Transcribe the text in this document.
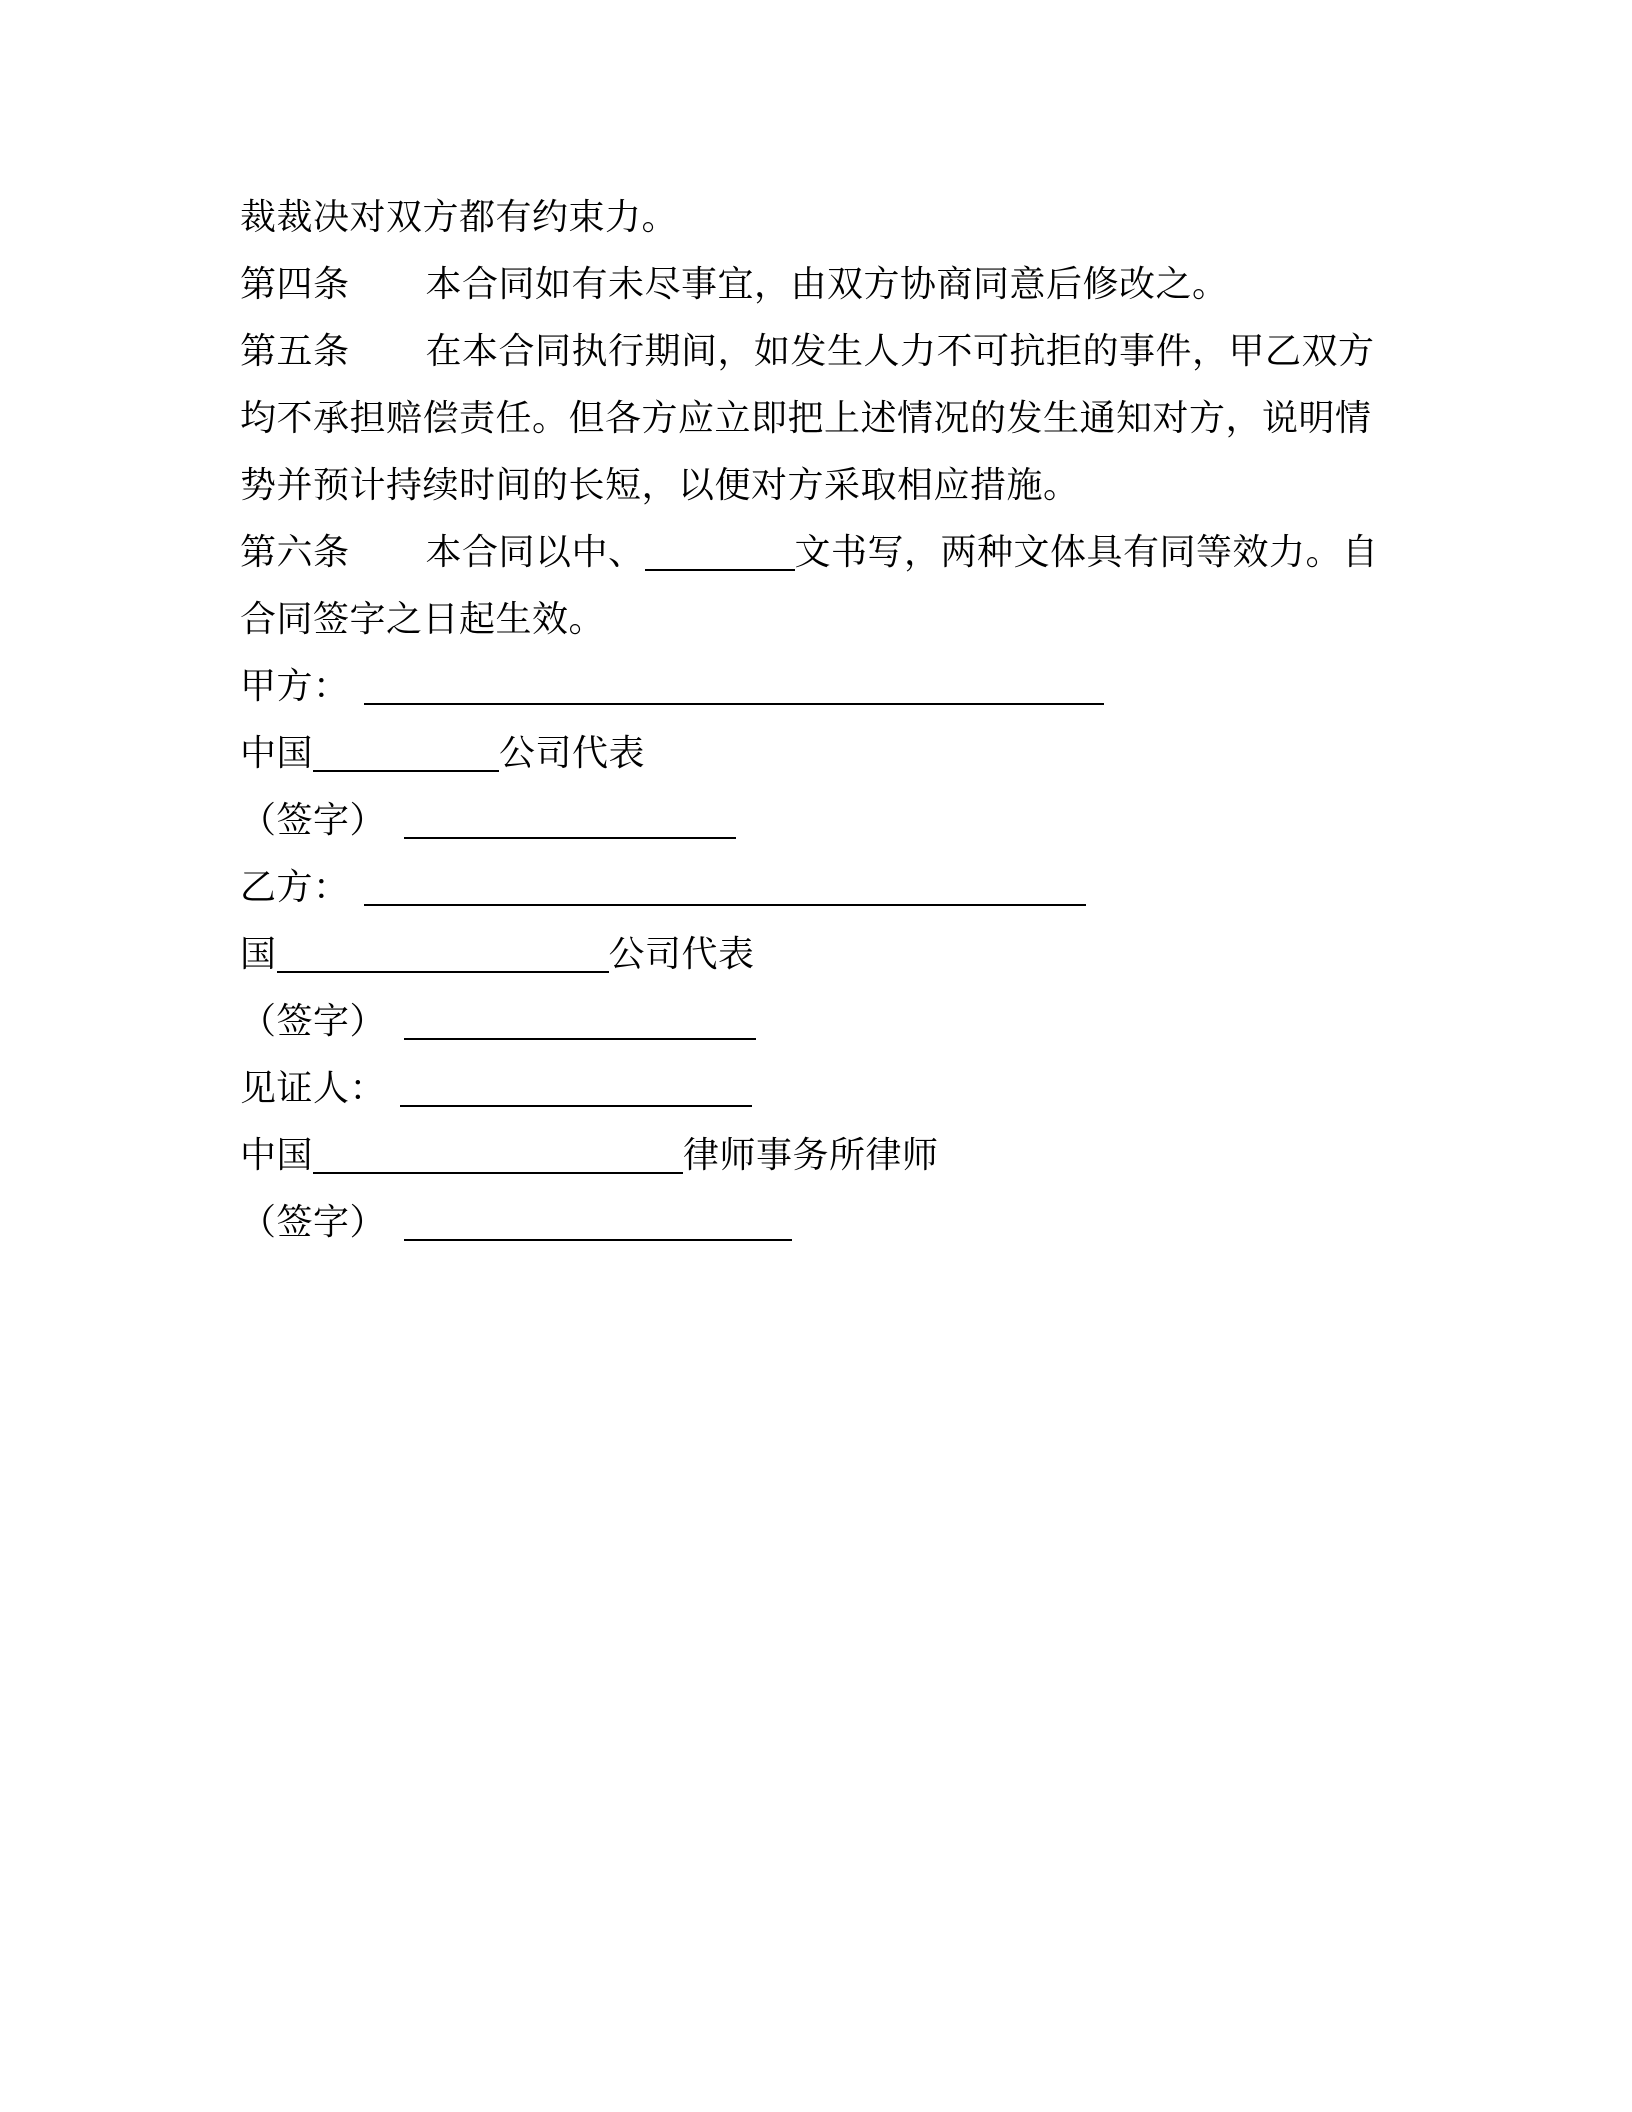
裁裁决对双方都有约束力。
第四条 本合同如有未尽事宜，由双方协商同意后修改之。
第五条 在本合同执行期间，如发生人力不可抗拒的事件，甲乙双方
均不承担赔偿责任。但各方应立即把上述情况的发生通知对方，说明情
势并预计持续时间的长短，以便对方采取相应措施。
第六条 本合同以中、	文书写，两种文体具有同等效力。自
合同签字之日起生效。
甲方：
中国	公司代表
（签字）
乙方：
国	公司代表
（签字）
见证人：
中国	律师事务所律师
（签字）
